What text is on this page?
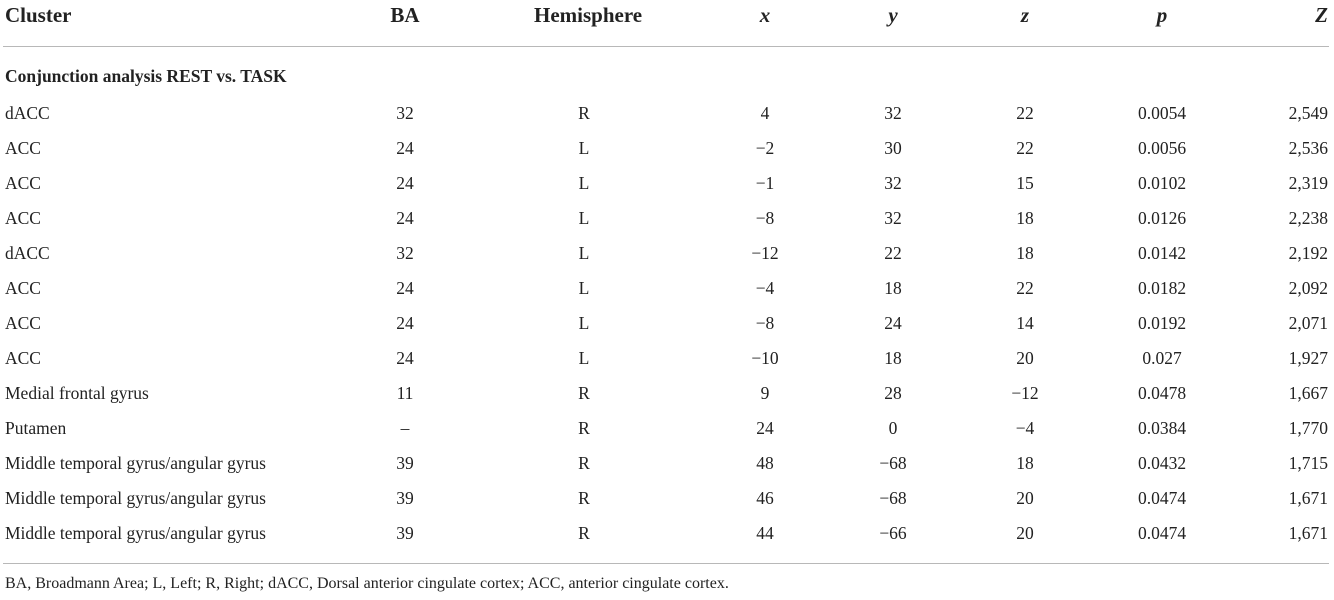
Cluster	BA	Hemisphere	x	y	z	p	Z
Conjunction analysis REST vs. TASK
dACC	32	R	4	32	22	0.0054	2,549
ACC	24	L	−2	30	22	0.0056	2,536
ACC	24	L	−1	32	15	0.0102	2,319
ACC	24	L	−8	32	18	0.0126	2,238
dACC	32	L	−12	22	18	0.0142	2,192
ACC	24	L	−4	18	22	0.0182	2,092
ACC	24	L	−8	24	14	0.0192	2,071
ACC	24	L	−10	18	20	0.027	1,927
Medial frontal gyrus	11	R	9	28	−12	0.0478	1,667
Putamen	–	R	24	0	−4	0.0384	1,770
Middle temporal gyrus/angular gyrus	39	R	48	−68	18	0.0432	1,715
Middle temporal gyrus/angular gyrus	39	R	46	−68	20	0.0474	1,671
Middle temporal gyrus/angular gyrus	39	R	44	−66	20	0.0474	1,671
BA, Broadmann Area; L, Left; R, Right; dACC, Dorsal anterior cingulate cortex; ACC, anterior cingulate cortex.
